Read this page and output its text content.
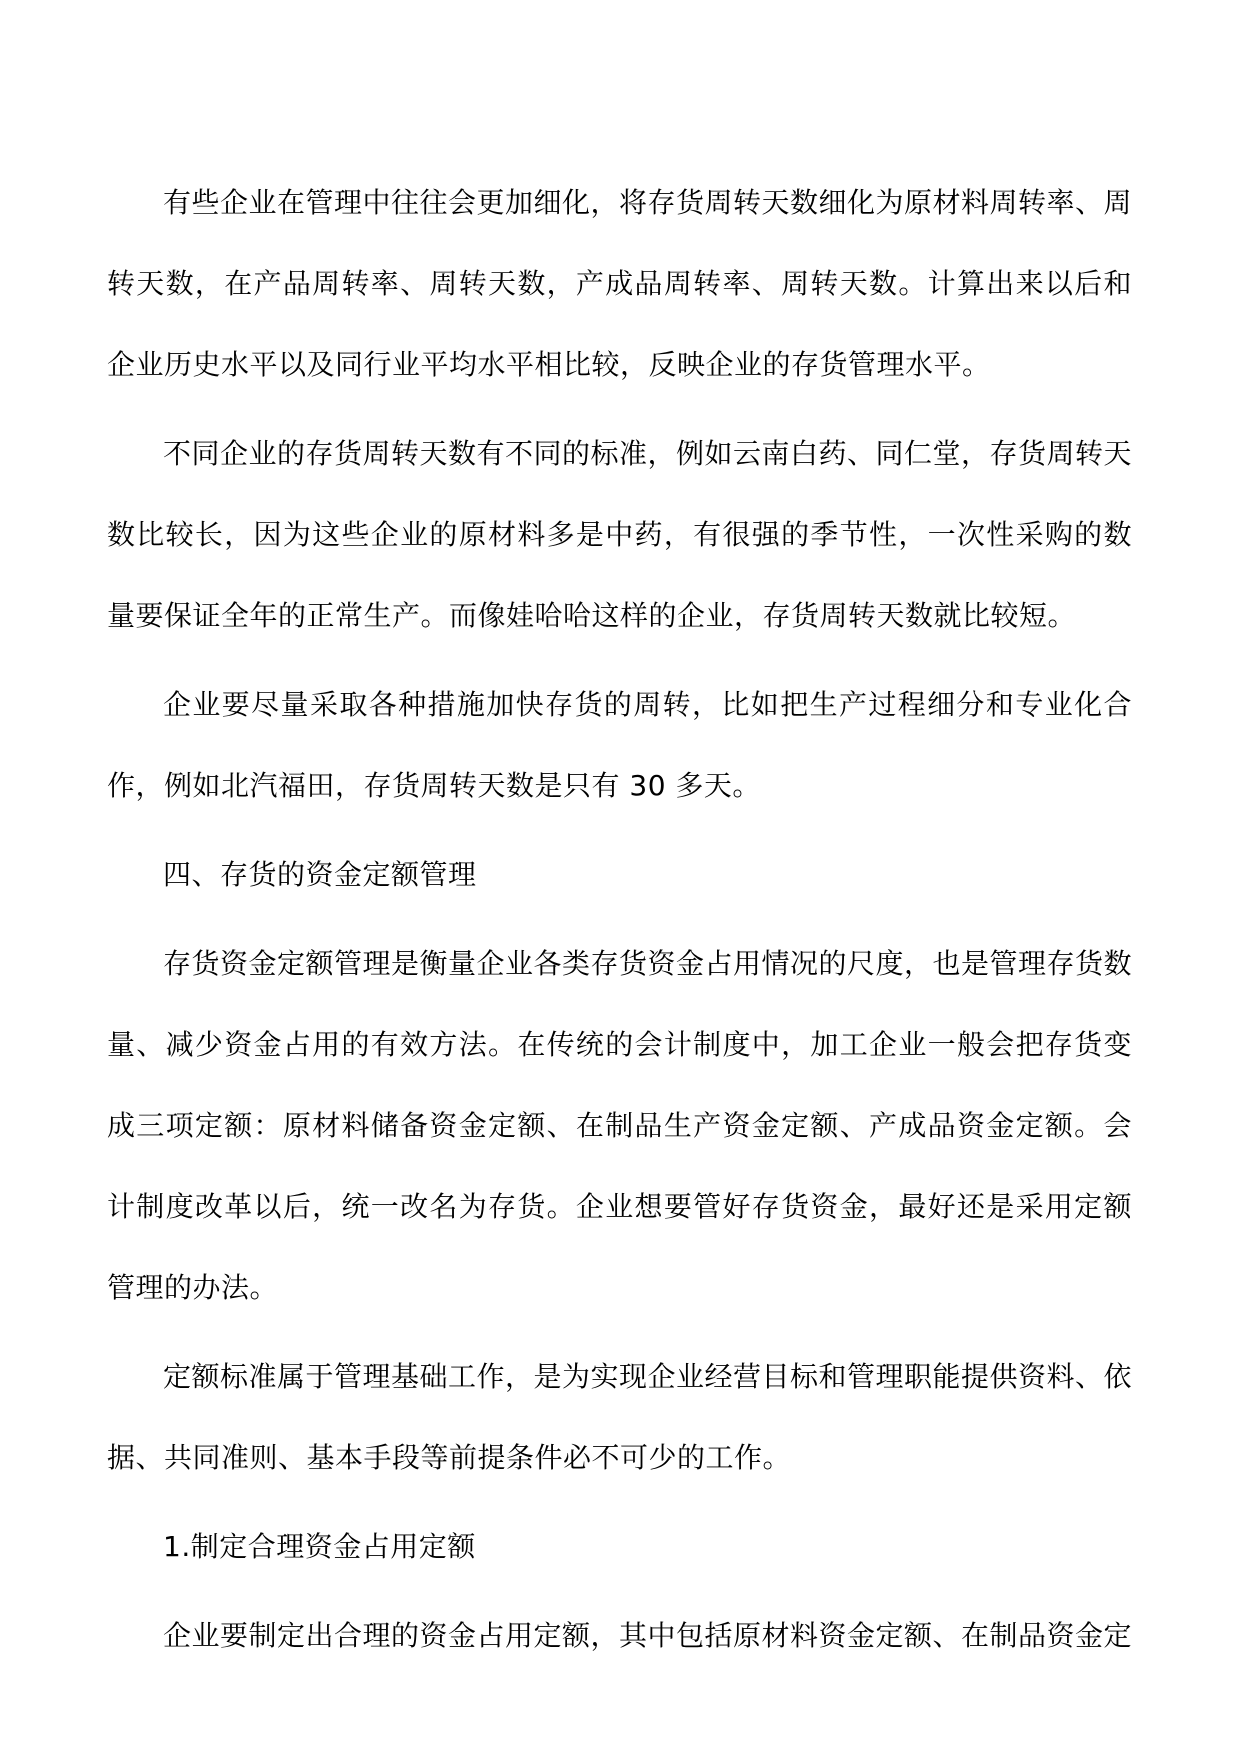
有些企业在管理中往往会更加细化，将存货周转天数细化为原材料周转率、周转天数，在产品周转率、周转天数，产成品周转率、周转天数。计算出来以后和企业历史水平以及同行业平均水平相比较，反映企业的存货管理水平。

不同企业的存货周转天数有不同的标准，例如云南白药、同仁堂，存货周转天数比较长，因为这些企业的原材料多是中药，有很强的季节性，一次性采购的数量要保证全年的正常生产。而像娃哈哈这样的企业，存货周转天数就比较短。

企业要尽量采取各种措施加快存货的周转，比如把生产过程细分和专业化合作，例如北汽福田，存货周转天数是只有 30 多天。

四、存货的资金定额管理

存货资金定额管理是衡量企业各类存货资金占用情况的尺度，也是管理存货数量、减少资金占用的有效方法。在传统的会计制度中，加工企业一般会把存货变成三项定额：原材料储备资金定额、在制品生产资金定额、产成品资金定额。会计制度改革以后，统一改名为存货。企业想要管好存货资金，最好还是采用定额管理的办法。

定额标准属于管理基础工作，是为实现企业经营目标和管理职能提供资料、依据、共同准则、基本手段等前提条件必不可少的工作。

1.制定合理资金占用定额

企业要制定出合理的资金占用定额，其中包括原材料资金定额、在制品资金定
